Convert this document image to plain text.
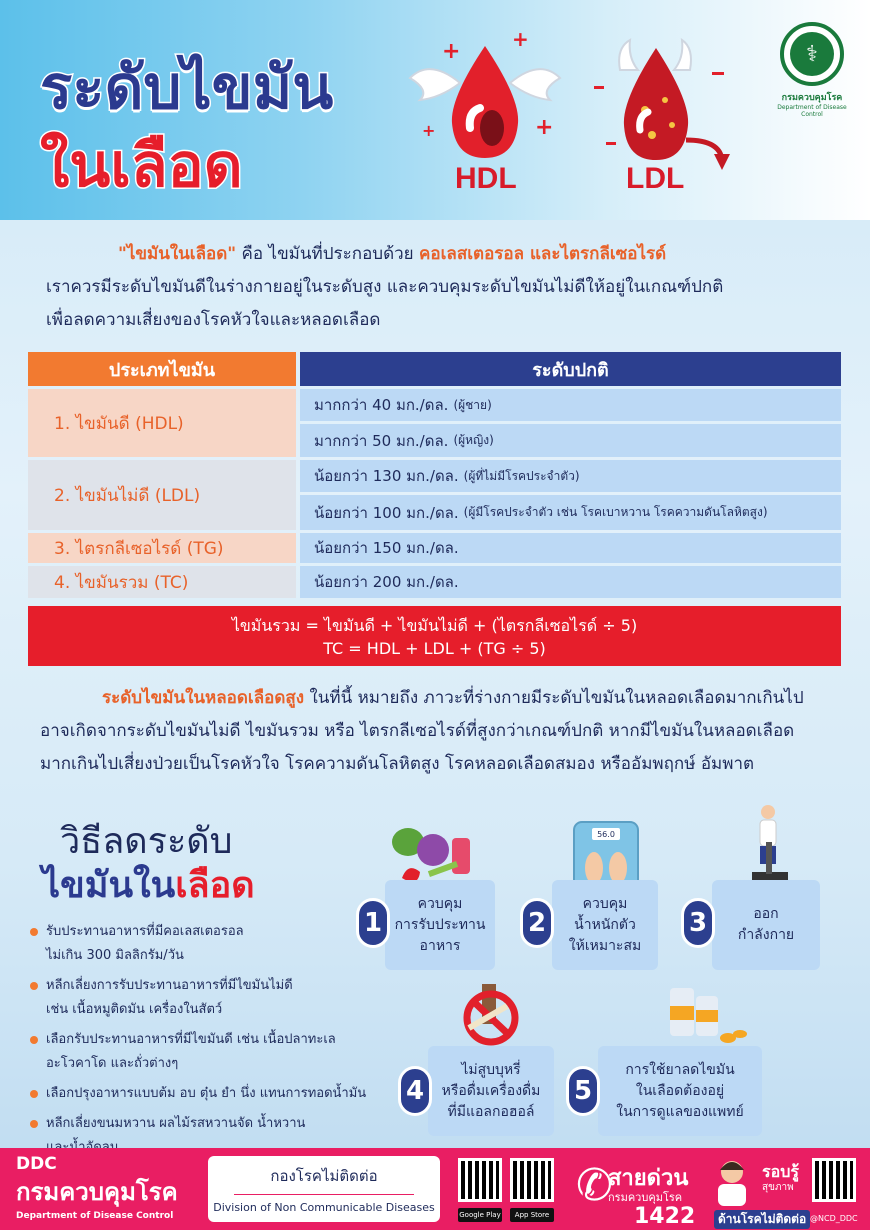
ระดับไขมัน
ในเลือด
+	+
+
+
HDL	LDL
⚕
กรมควบคุมโรค
Department of Disease Control
"ไขมันในเลือด" คือ ไขมันที่ประกอบด้วย คอเลสเตอรอล และไตรกลีเซอไรด์
เราควรมีระดับไขมันดีในร่างกายอยู่ในระดับสูง และควบคุมระดับไขมันไม่ดีให้อยู่ในเกณฑ์ปกติ
เพื่อลดความเสี่ยงของโรคหัวใจและหลอดเลือด
ประเภทไขมัน	ระดับปกติ
1. ไขมันดี (HDL)
มากกว่า 40 มก./ดล. (ผู้ชาย)
มากกว่า 50 มก./ดล. (ผู้หญิง)
2. ไขมันไม่ดี (LDL)
น้อยกว่า 130 มก./ดล. (ผู้ที่ไม่มีโรคประจำตัว)
น้อยกว่า 100 มก./ดล. (ผู้มีโรคประจำตัว เช่น โรคเบาหวาน โรคความดันโลหิตสูง)
3. ไตรกลีเซอไรด์ (TG)	น้อยกว่า 150 มก./ดล.
4. ไขมันรวม (TC)	น้อยกว่า 200 มก./ดล.
ไขมันรวม = ไขมันดี + ไขมันไม่ดี + (ไตรกลีเซอไรด์ ÷ 5)
TC = HDL + LDL + (TG ÷ 5)
ระดับไขมันในหลอดเลือดสูง ในที่นี้ หมายถึง ภาวะที่ร่างกายมีระดับไขมันในหลอดเลือดมากเกินไป
อาจเกิดจากระดับไขมันไม่ดี ไขมันรวม หรือ ไตรกลีเซอไรด์ที่สูงกว่าเกณฑ์ปกติ หากมีไขมันในหลอดเลือด
มากเกินไปเสี่ยงป่วยเป็นโรคหัวใจ โรคความดันโลหิตสูง โรคหลอดเลือดสมอง หรืออัมพฤกษ์ อัมพาต
วิธีลดระดับ
ไขมันในเลือด
รับประทานอาหารที่มีคอเลสเตอรอล
ไม่เกิน 300 มิลลิกรัม/วัน
หลีกเลี่ยงการรับประทานอาหารที่มีไขมันไม่ดี
เช่น เนื้อหมูติดมัน เครื่องในสัตว์
เลือกรับประทานอาหารที่มีไขมันดี เช่น เนื้อปลาทะเล
อะโวคาโด และถั่วต่างๆ
เลือกปรุงอาหารแบบต้ม อบ ตุ๋น ยำ นึ่ง แทนการทอดน้ำมัน
หลีกเลี่ยงขนมหวาน ผลไม้รสหวานจัด น้ำหวาน

56.0
ควบคุม
การรับประทาน
อาหาร
1
ควบคุม
น้ำหนักตัว
ให้เหมาะสม
2	ออก
กำลังกาย
3
ไม่สูบบุหรี่
หรือดื่มเครื่องดื่ม
ที่มีแอลกอฮอล์
4
การใช้ยาลดไขมัน
ในเลือดต้องอยู่
ในการดูแลของแพทย์
5
DDC
กรมควบคุมโรค
Department of Disease Control
กองโรคไม่ติดต่อ
Division of Non Communicable Diseases
Google Play	App Store
✆
สายด่วน
กรมควบคุมโรค
1422
รอบรู้
สุขภาพ
ด้านโรคไม่ติดต่อ @NCD_DDC
